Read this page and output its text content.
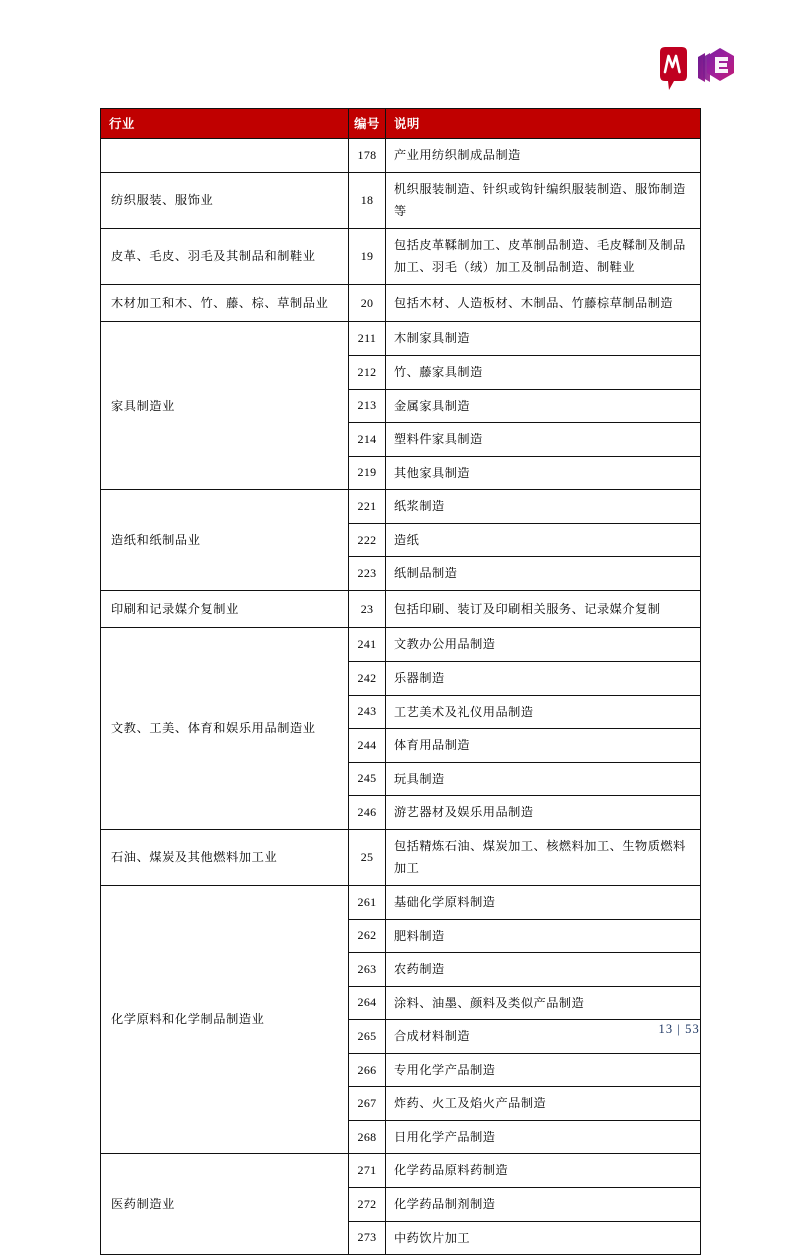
行业	编号	说明
	178	产业用纺织制成品制造
纺织服装、服饰业	18	机织服装制造、针织或钩针编织服装制造、服饰制造等
皮革、毛皮、羽毛及其制品和制鞋业	19	包括皮革鞣制加工、皮革制品制造、毛皮鞣制及制品加工、羽毛（绒）加工及制品制造、制鞋业
木材加工和木、竹、藤、棕、草制品业	20	包括木材、人造板材、木制品、竹藤棕草制品制造
家具制造业	211	木制家具制造
	212	竹、藤家具制造
	213	金属家具制造
	214	塑料件家具制造
	219	其他家具制造
造纸和纸制品业	221	纸浆制造
	222	造纸
	223	纸制品制造
印刷和记录媒介复制业	23	包括印刷、装订及印刷相关服务、记录媒介复制
文教、工美、体育和娱乐用品制造业	241	文教办公用品制造
	242	乐器制造
	243	工艺美术及礼仪用品制造
	244	体育用品制造
	245	玩具制造
	246	游艺器材及娱乐用品制造
石油、煤炭及其他燃料加工业	25	包括精炼石油、煤炭加工、核燃料加工、生物质燃料加工
化学原料和化学制品制造业	261	基础化学原料制造
	262	肥料制造
	263	农药制造
	264	涂料、油墨、颜料及类似产品制造
	265	合成材料制造
	266	专用化学产品制造
	267	炸药、火工及焰火产品制造
	268	日用化学产品制造
医药制造业	271	化学药品原料药制造
	272	化学药品制剂制造
	273	中药饮片加工
13 | 53
